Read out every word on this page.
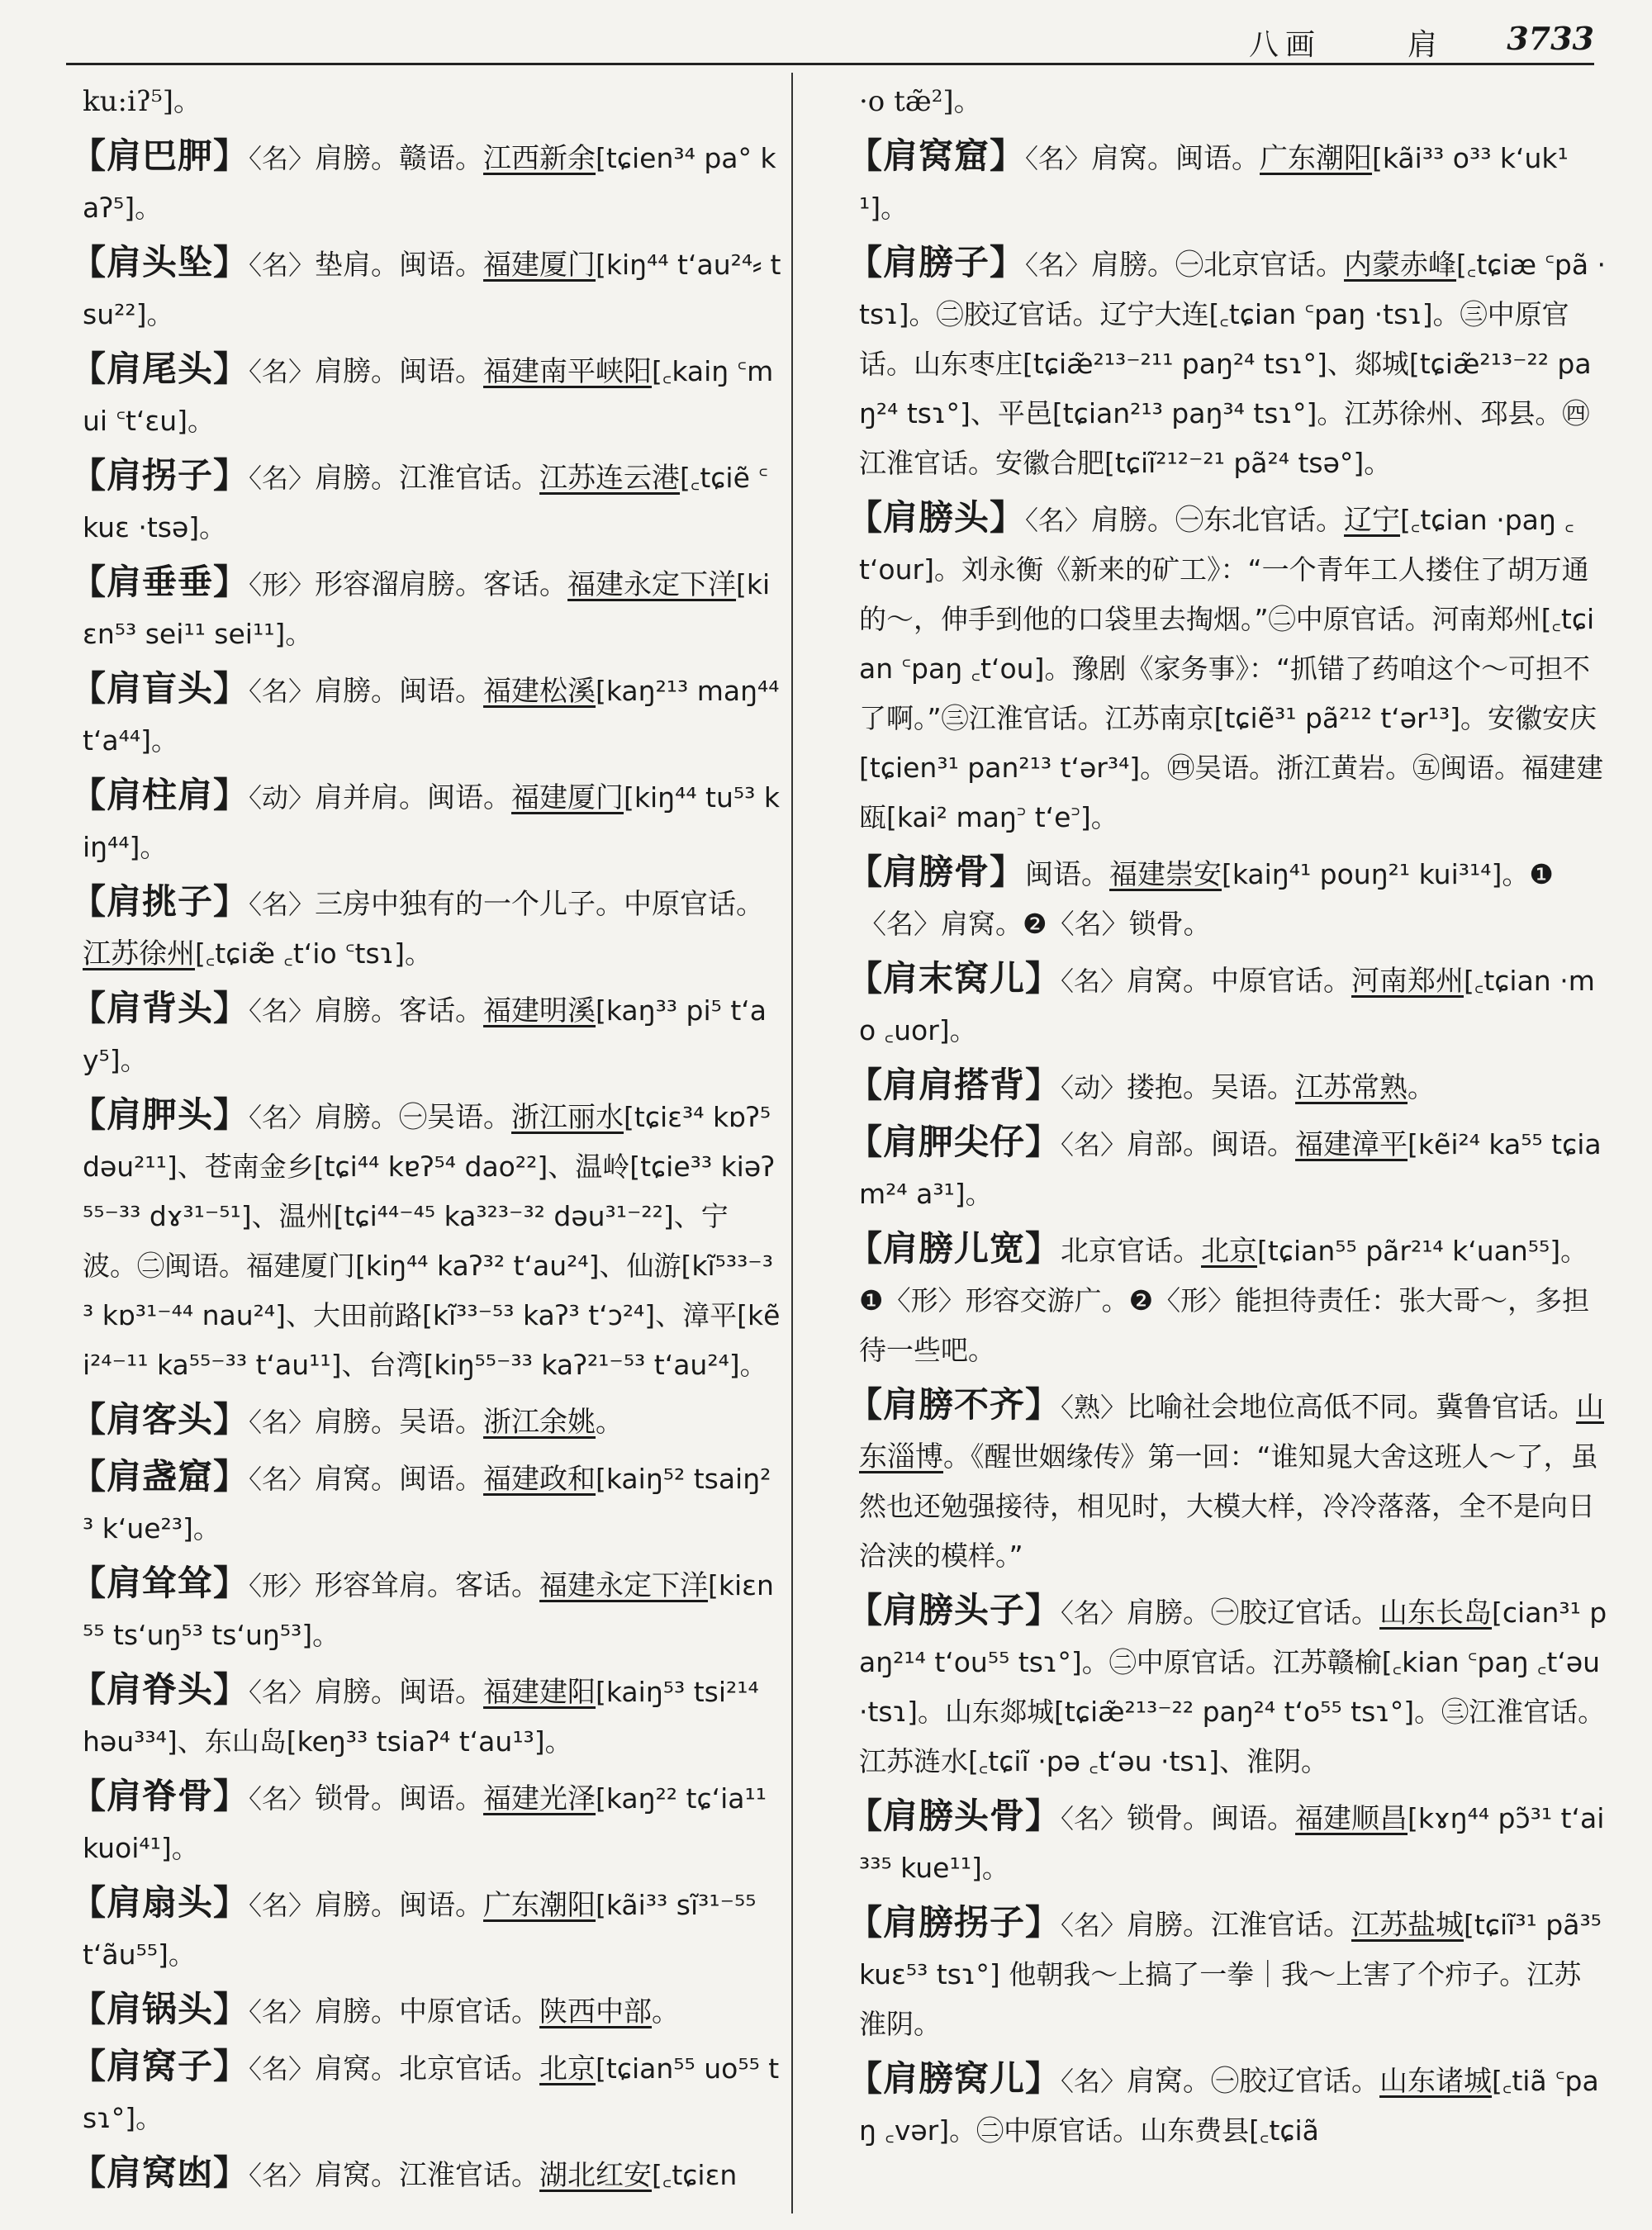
八画	肩 3733

ku:iʔ⁵]。

【肩巴胛】〈名〉肩膀。赣语。江西新余[tɕien³⁴ pa° kaʔ⁵]。

【肩头坠】〈名〉垫肩。闽语。福建厦门[kiŋ⁴⁴ t‘au²⁴⸗ tsu²²]。

【肩尾头】〈名〉肩膀。闽语。福建南平峡阳[꜀kaiŋ ꜂mui ꜂t‘ɛu]。

【肩拐子】〈名〉肩膀。江淮官话。江苏连云港[꜀tɕiẽ ꜂kuɛ ·tsə]。

【肩垂垂】〈形〉形容溜肩膀。客话。福建永定下洋[kiɛn⁵³ sei¹¹ sei¹¹]。

【肩盲头】〈名〉肩膀。闽语。福建松溪[kaŋ²¹³ maŋ⁴⁴ t‘a⁴⁴]。

【肩柱肩】〈动〉肩并肩。闽语。福建厦门[kiŋ⁴⁴ tu⁵³ kiŋ⁴⁴]。

【肩挑子】〈名〉三房中独有的一个儿子。中原官话。江苏徐州[꜀tɕiæ̃ ꜀t‘io ꜂tsɿ]。

【肩背头】〈名〉肩膀。客话。福建明溪[kaŋ³³ pi⁵ t‘ay⁵]。

【肩胛头】〈名〉肩膀。㊀吴语。浙江丽水[tɕiɛ³⁴ kɒʔ⁵ dəu²¹¹]、苍南金乡[tɕi⁴⁴ kɐʔ⁵⁴ dao²²]、温岭[tɕie³³ kiəʔ⁵⁵⁻³³ dɤ³¹⁻⁵¹]、温州[tɕi⁴⁴⁻⁴⁵ ka³²³⁻³² dəu³¹⁻²²]、宁波。㊁闽语。福建厦门[kiŋ⁴⁴ kaʔ³² t‘au²⁴]、仙游[kĩ⁵³³⁻³³ kɒ³¹⁻⁴⁴ nau²⁴]、大田前路[kĩ³³⁻⁵³ kaʔ³ t‘ɔ²⁴]、漳平[kẽi²⁴⁻¹¹ ka⁵⁵⁻³³ t‘au¹¹]、台湾[kiŋ⁵⁵⁻³³ kaʔ²¹⁻⁵³ t‘au²⁴]。

【肩客头】〈名〉肩膀。吴语。浙江余姚。

【肩盏窟】〈名〉肩窝。闽语。福建政和[kaiŋ⁵² tsaiŋ²³ k‘ue²³]。

【肩耸耸】〈形〉形容耸肩。客话。福建永定下洋[kiɛn⁵⁵ ts‘uŋ⁵³ ts‘uŋ⁵³]。

【肩脊头】〈名〉肩膀。闽语。福建建阳[kaiŋ⁵³ tsi²¹⁴ həu³³⁴]、东山岛[keŋ³³ tsiaʔ⁴ t‘au¹³]。

【肩脊骨】〈名〉锁骨。闽语。福建光泽[kaŋ²² tɕ‘ia¹¹ kuoi⁴¹]。

【肩扇头】〈名〉肩膀。闽语。广东潮阳[kãi³³ sĩ³¹⁻⁵⁵ t‘ãu⁵⁵]。

【肩锅头】〈名〉肩膀。中原官话。陕西中部。

【肩窝子】〈名〉肩窝。北京官话。北京[tɕian⁵⁵ uo⁵⁵ tsɿ°]。

【肩窝凼】〈名〉肩窝。江淮官话。湖北红安[꜀tɕiɛn

·o tæ̃²]。

【肩窝窟】〈名〉肩窝。闽语。广东潮阳[kãi³³ o³³ k‘uk¹¹]。

【肩膀子】〈名〉肩膀。㊀北京官话。内蒙赤峰[꜀tɕiæ ꜂pã ·tsɿ]。㊁胶辽官话。辽宁大连[꜀tɕian ꜂paŋ ·tsɿ]。㊂中原官话。山东枣庄[tɕiæ̃²¹³⁻²¹¹ paŋ²⁴ tsɿ°]、郯城[tɕiæ̃²¹³⁻²² paŋ²⁴ tsɿ°]、平邑[tɕian²¹³ paŋ³⁴ tsɿ°]。江苏徐州、邳县。㊃江淮官话。安徽合肥[tɕiĩ²¹²⁻²¹ pã²⁴ tsə°]。

【肩膀头】〈名〉肩膀。㊀东北官话。辽宁[꜀tɕian ·paŋ ꜀t‘our]。刘永衡《新来的矿工》：“一个青年工人搂住了胡万通的～，伸手到他的口袋里去掏烟。”㊁中原官话。河南郑州[꜀tɕian ꜂paŋ ꜀t‘ou]。豫剧《家务事》：“抓错了药咱这个～可担不了啊。”㊂江淮官话。江苏南京[tɕiẽ³¹ pã²¹² t‘ər¹³]。安徽安庆[tɕien³¹ pan²¹³ t‘ər³⁴]。㊃吴语。浙江黄岩。㊄闽语。福建建瓯[kai² maŋ꜄ t‘e꜄]。

【肩膀骨】闽语。福建崇安[kaiŋ⁴¹ pouŋ²¹ kui³¹⁴]。❶〈名〉肩窝。❷〈名〉锁骨。

【肩末窝儿】〈名〉肩窝。中原官话。河南郑州[꜀tɕian ·mo ꜀uor]。

【肩肩搭背】〈动〉搂抱。吴语。江苏常熟。

【肩胛尖仔】〈名〉肩部。闽语。福建漳平[kẽi²⁴ ka⁵⁵ tɕiam²⁴ a³¹]。

【肩膀儿宽】北京官话。北京[tɕian⁵⁵ pãr²¹⁴ k‘uan⁵⁵]。❶〈形〉形容交游广。❷〈形〉能担待责任：张大哥～，多担待一些吧。

【肩膀不齐】〈熟〉比喻社会地位高低不同。冀鲁官话。山东淄博。《醒世姻缘传》第一回：“谁知晁大舍这班人～了，虽然也还勉强接待，相见时，大模大样，冷冷落落，全不是向日洽浃的模样。”

【肩膀头子】〈名〉肩膀。㊀胶辽官话。山东长岛[cian³¹ paŋ²¹⁴ t‘ou⁵⁵ tsɿ°]。㊁中原官话。江苏赣榆[꜀kian ꜂paŋ ꜀t‘əu ·tsɿ]。山东郯城[tɕiæ̃²¹³⁻²² paŋ²⁴ t‘o⁵⁵ tsɿ°]。㊂江淮官话。江苏涟水[꜀tɕiĩ ·pə ꜀t‘əu ·tsɿ]、淮阴。

【肩膀头骨】〈名〉锁骨。闽语。福建顺昌[kɤŋ⁴⁴ pɔ̃³¹ t‘ai³³⁵ kue¹¹]。

【肩膀拐子】〈名〉肩膀。江淮官话。江苏盐城[tɕiĩ³¹ pã³⁵ kuɛ⁵³ tsɿ°] 他朝我～上搞了一拳｜我～上害了个疖子。江苏淮阴。

【肩膀窝儿】〈名〉肩窝。㊀胶辽官话。山东诸城[꜀tiã ꜂paŋ ꜀vər]。㊁中原官话。山东费县[꜀tɕiã
